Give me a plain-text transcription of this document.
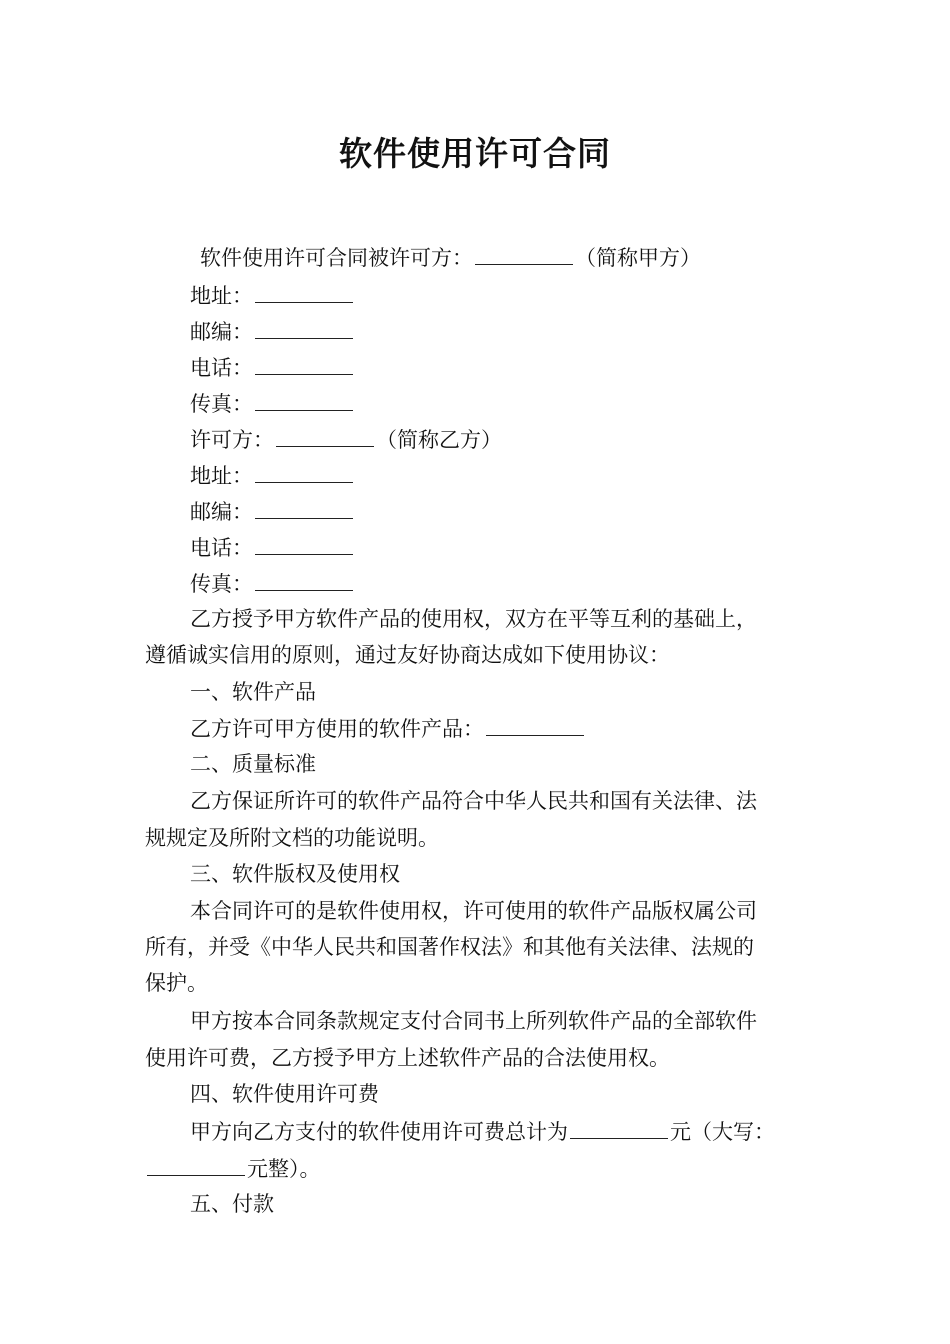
软件使用许可合同
软件使用许可合同被许可方：	（简称甲方）
地址：
邮编：
电话：
传真：
许可方：	（简称乙方）
地址：
邮编：
电话：
传真：
乙方授予甲方软件产品的使用权，双方在平等互利的基础上，
遵循诚实信用的原则，通过友好协商达成如下使用协议：
一、软件产品
乙方许可甲方使用的软件产品：
二、质量标准
乙方保证所许可的软件产品符合中华人民共和国有关法律、法
规规定及所附文档的功能说明。
三、软件版权及使用权
本合同许可的是软件使用权，许可使用的软件产品版权属公司
所有，并受《中华人民共和国著作权法》和其他有关法律、法规的
保护。
甲方按本合同条款规定支付合同书上所列软件产品的全部软件
使用许可费，乙方授予甲方上述软件产品的合法使用权。
四、软件使用许可费
甲方向乙方支付的软件使用许可费总计为	元（大写：
元整）。
五、付款
